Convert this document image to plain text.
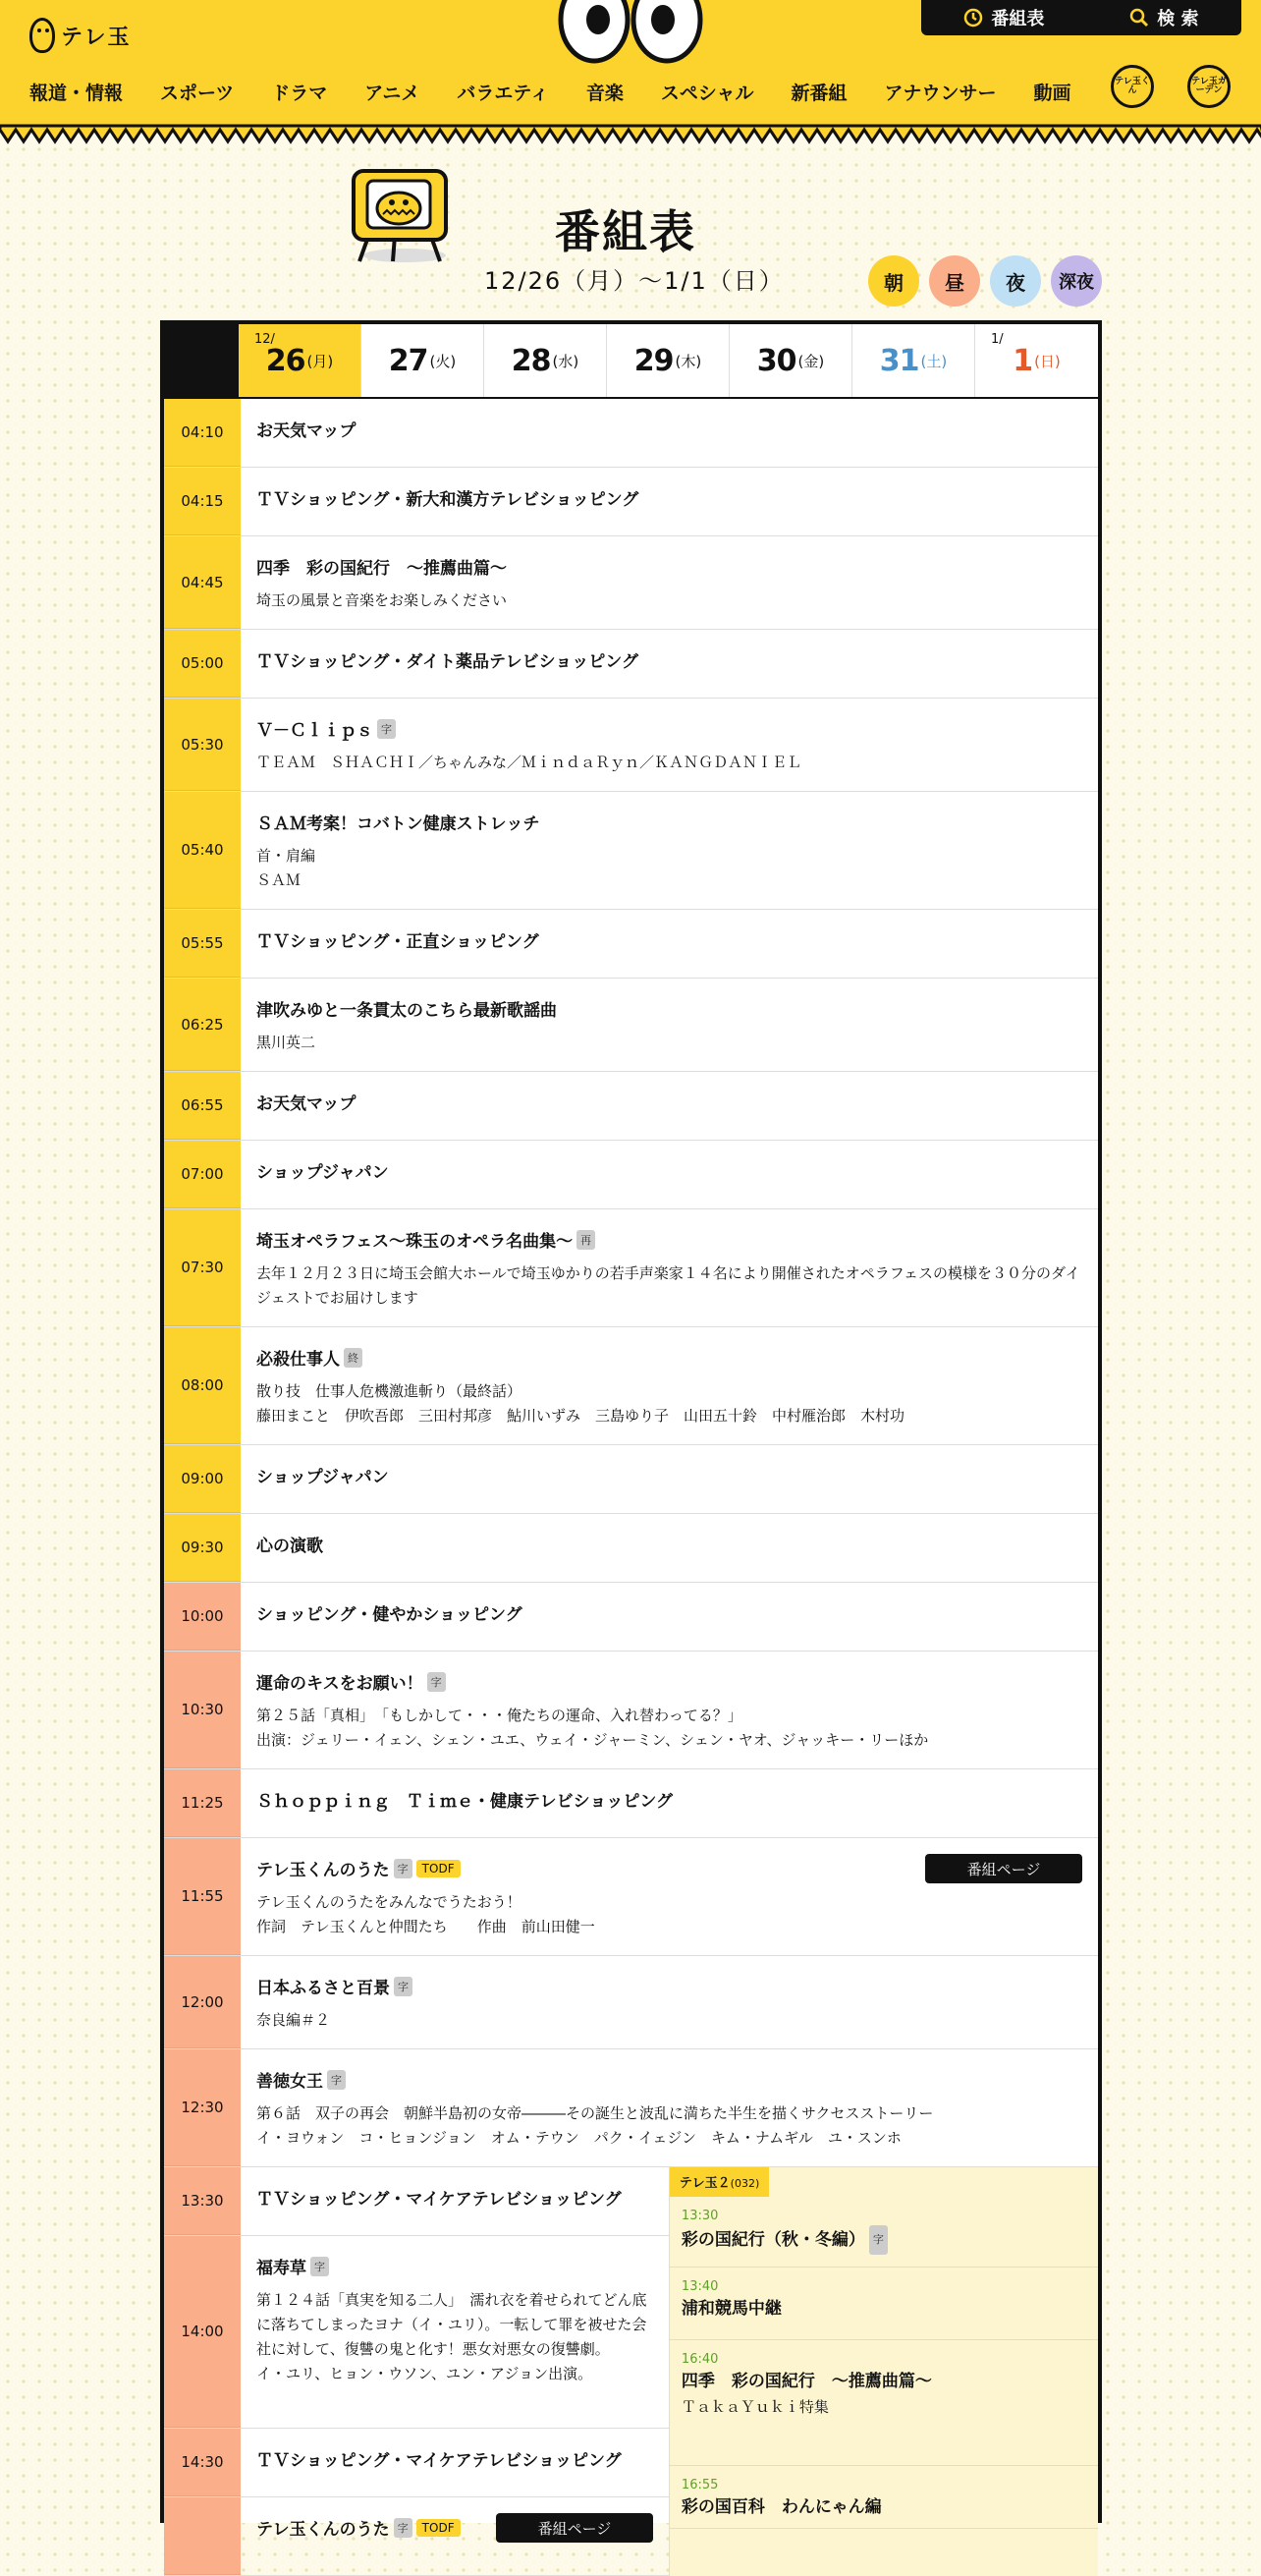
テレ玉
番組表	検 索
報道・情報 スポーツ ドラマ アニメ バラエティ 音楽 スペシャル 新番組 アナウンサー 動画
テレ玉くん
テレ玉ガーデン
番組表
12/26（月）〜1/1（日）	朝	昼	夜	深夜
12/
26 (月) 27 (火) 28 (水) 29 (木) 30 (金) 31 (土)
1/
1 (日)
04:10	お天気マップ
04:15	ＴＶショッピング・新大和漢方テレビショッピング
04:45
四季　彩の国紀行　～推薦曲篇～
埼玉の風景と音楽をお楽しみください
05:00	ＴＶショッピング・ダイト薬品テレビショッピング
05:30
Ｖ－Ｃｌｉｐｓ 字
ＴＥＡＭ　ＳＨＡＣＨＩ／ちゃんみな／ＭｉｎｄａＲｙｎ／ＫＡＮＧＤＡＮＩＥＬ
05:40
ＳＡＭ考案！コバトン健康ストレッチ
首・肩編
ＳＡＭ
05:55	ＴＶショッピング・正直ショッピング
06:25
津吹みゆと一条貫太のこちら最新歌謡曲
黒川英二
06:55	お天気マップ
07:00	ショップジャパン
07:30
埼玉オペラフェス～珠玉のオペラ名曲集～ 再
去年１２月２３日に埼玉会館大ホールで埼玉ゆかりの若手声楽家１４名により開催されたオペラフェスの模様を３０分のダイジェストでお届けします
08:00
必殺仕事人 終
散り技　仕事人危機激進斬り（最終話）
藤田まこと　伊吹吾郎　三田村邦彦　鮎川いずみ　三島ゆり子　山田五十鈴　中村雁治郎　木村功
09:00	ショップジャパン
09:30	心の演歌
10:00	ショッピング・健やかショッピング
10:30
運命のキスをお願い！ 字
第２５話「真相」　「もしかして・・・俺たちの運命、入れ替わってる？」
出演：ジェリー・イェン、シェン・ユエ、ウェイ・ジャーミン、シェン・ヤオ、ジャッキー・リーほか
11:25	Ｓｈｏｐｐｉｎｇ　Ｔｉｍｅ・健康テレビショッピング
11:55
テレ玉くんのうた 字	TODF	番組ページ
テレ玉くんのうたをみんなでうたおう！
作詞　テレ玉くんと仲間たち　　作曲　前山田健一
12:00
日本ふるさと百景 字
奈良編＃２
12:30
善徳女王 字
第６話　双子の再会　朝鮮半島初の女帝―――その誕生と波乱に満ちた半生を描くサクセスストーリー
イ・ヨウォン　コ・ヒョンジョン　オム・テウン　パク・イェジン　キム・ナムギル　ユ・スンホ
13:30	ＴＶショッピング・マイケアテレビショッピング
14:00
福寿草 字
第１２４話「真実を知る二人」　濡れ衣を着せられてどん底に落ちてしまったヨナ（イ・ユリ）。一転して罪を被せた会社に対して、復讐の鬼と化す！悪女対悪女の復讐劇。
イ・ユリ、ヒョン・ウソン、ユン・アジョン出演。
14:30	ＴＶショッピング・マイケアテレビショッピング
テレ玉くんのうた 字	TODF	番組ページ
テレ玉２(032)
13:30
彩の国紀行（秋・冬編） 字
13:40
浦和競馬中継
16:40
四季　彩の国紀行　～推薦曲篇～
ＴａｋａＹｕｋｉ特集
16:55
彩の国百科　わんにゃん編
